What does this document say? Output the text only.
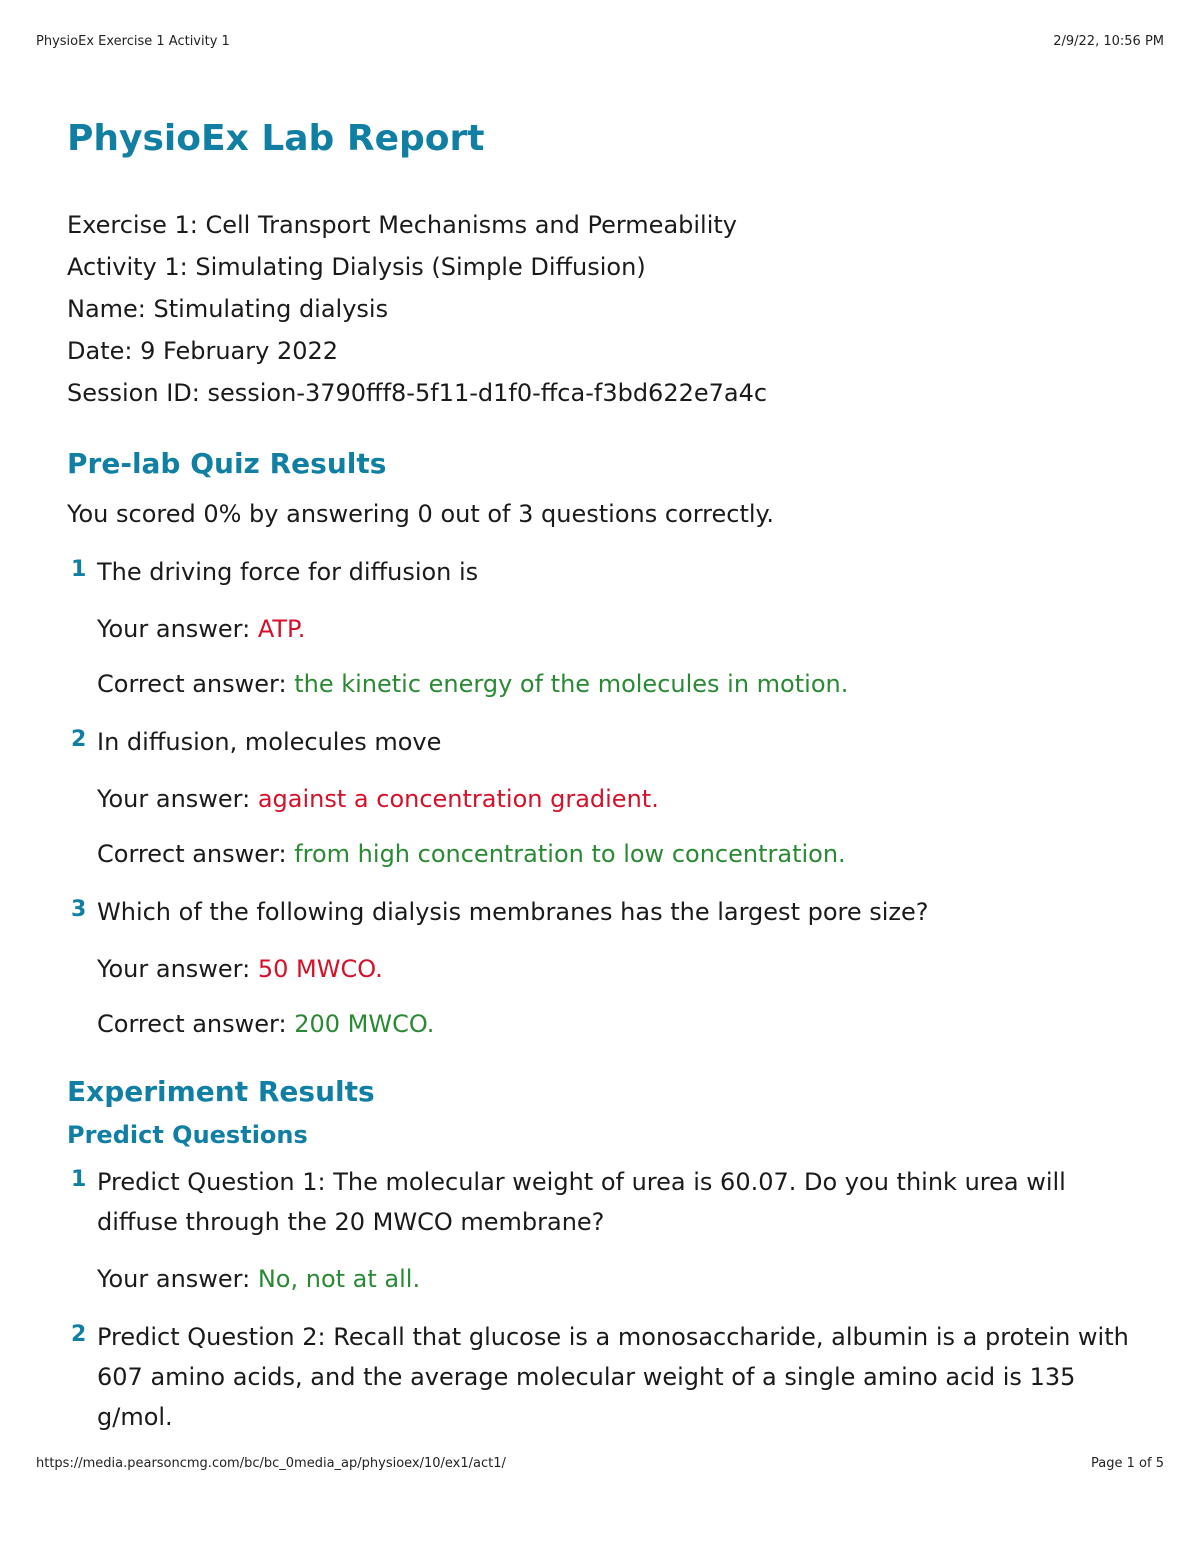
PhysioEx Exercise 1 Activity 1	2/9/22, 10:56 PM
PhysioEx Lab Report
Exercise 1: Cell Transport Mechanisms and Permeability
Activity 1: Simulating Dialysis (Simple Diffusion)
Name: Stimulating dialysis
Date: 9 February 2022
Session ID: session-3790fff8-5f11-d1f0-ffca-f3bd622e7a4c
Pre-lab Quiz Results
You scored 0% by answering 0 out of 3 questions correctly.
1 The driving force for diffusion is
Your answer: ATP.
Correct answer: the kinetic energy of the molecules in motion.
2 In diffusion, molecules move
Your answer: against a concentration gradient.
Correct answer: from high concentration to low concentration.
3 Which of the following dialysis membranes has the largest pore size?
Your answer: 50 MWCO.
Correct answer: 200 MWCO.
Experiment Results
Predict Questions
1 Predict Question 1: The molecular weight of urea is 60.07. Do you think urea will diffuse through the 20 MWCO membrane?
Your answer: No, not at all.
2 Predict Question 2: Recall that glucose is a monosaccharide, albumin is a protein with 607 amino acids, and the average molecular weight of a single amino acid is 135 g/mol.
https://media.pearsoncmg.com/bc/bc_0media_ap/physioex/10/ex1/act1/	Page 1 of 5
